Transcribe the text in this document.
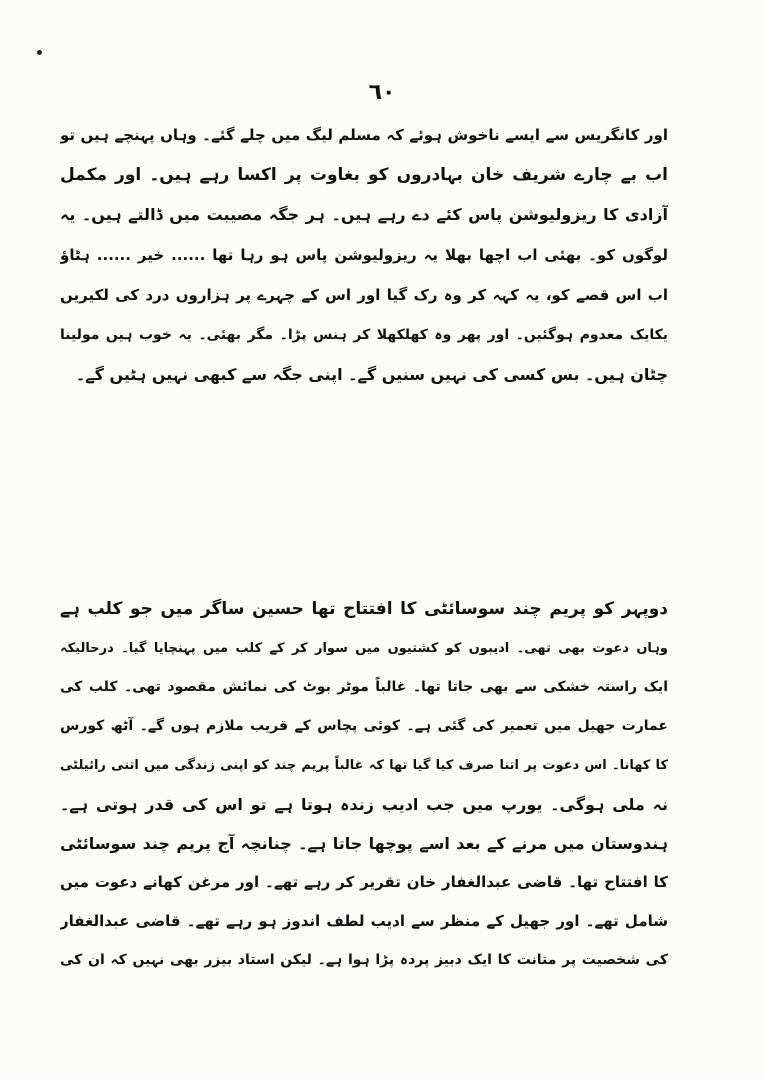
٦٠
اور کانگریس سے ایسے ناخوش ہوئے کہ مسلم لیگ میں چلے گئے۔ وہاں پہنچے ہیں تو
اب بے چارے شریف خان بہادروں کو بغاوت پر اکسا رہے ہیں۔ اور مکمل
آزادی کا ریزولیوشن پاس کئے دے رہے ہیں۔ ہر جگہ مصیبت میں ڈالتے ہیں۔ یہ
لوگوں کو۔ بھئی اب اچھا بھلا یہ ریزولیوشن پاس ہو رہا تھا ...... خیر ...... ہٹاؤ
اب اس قصے کو، یہ کہہ کر وہ رک گیا اور اس کے چہرے پر ہزاروں درد کی لکیریں
یکایک معدوم ہوگئیں۔ اور پھر وہ کھلکھلا کر ہنس پڑا۔ مگر بھئی۔ یہ خوب ہیں مولینا
چٹان ہیں۔ بس کسی کی نہیں سنیں گے۔ اپنی جگہ سے کبھی نہیں ہٹیں گے۔
دوپہر کو پریم چند سوسائٹی کا افتتاح تھا حسین ساگر میں جو کلب ہے
وہاں دعوت بھی تھی۔ ادیبوں کو کشتیوں میں سوار کر کے کلب میں پہنچایا گیا۔ درحالیکہ
ایک راستہ خشکی سے بھی جاتا تھا۔ غالباً موٹر بوٹ کی نمائش مقصود تھی۔ کلب کی
عمارت جھیل میں تعمیر کی گئی ہے۔ کوئی پچاس کے قریب ملازم ہوں گے۔ آٹھ کورس
کا کھانا۔ اس دعوت پر اتنا صرف کیا گیا تھا کہ غالباً پریم چند کو اپنی زندگی میں اتنی رائیلٹی
نہ ملی ہوگی۔ یورپ میں جب ادیب زندہ ہوتا ہے تو اس کی قدر ہوتی ہے۔
ہندوستان میں مرنے کے بعد اسے پوچھا جاتا ہے۔ چنانچہ آج پریم چند سوسائٹی
کا افتتاح تھا۔ قاضی عبدالغفار خان تقریر کر رہے تھے۔ اور مرغن کھانے دعوت میں
شامل تھے۔ اور جھیل کے منظر سے ادیب لطف اندوز ہو رہے تھے۔ قاضی عبدالغفار
کی شخصیت پر متانت کا ایک دبیز پردہ پڑا ہوا ہے۔ لیکن استاد بیزر بھی نہیں کہ ان کی
